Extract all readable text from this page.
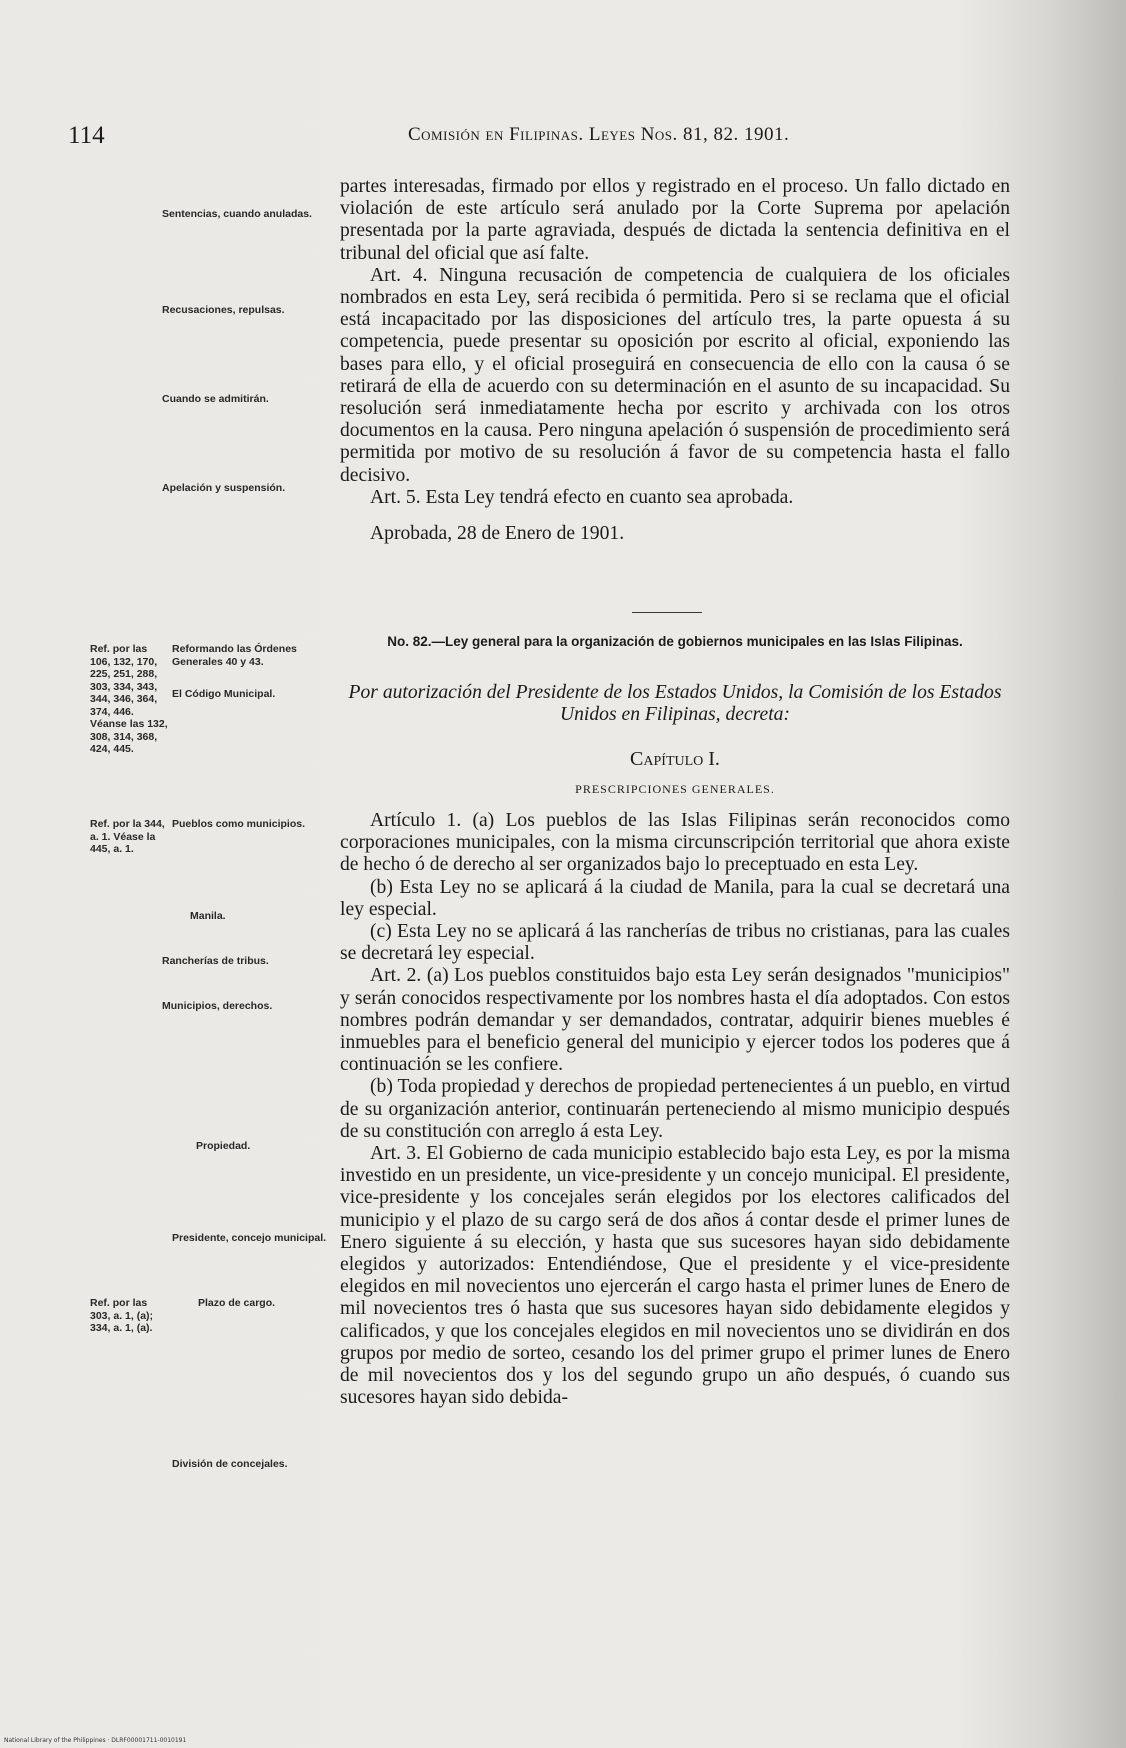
114	Comisión en Filipinas. Leyes Nos. 81, 82. 1901.

partes interesadas, firmado por ellos y registrado en el proceso. Un fallo dictado en violación de este artículo será anulado por la Corte Suprema por apelación presentada por la parte agraviada, después de dictada la sentencia definitiva en el tribunal del oficial que así falte.

Art. 4. Ninguna recusación de competencia de cualquiera de los oficiales nombrados en esta Ley, será recibida ó permitida. Pero si se reclama que el oficial está incapacitado por las disposiciones del artículo tres, la parte opuesta á su competencia, puede presentar su oposición por escrito al oficial, exponiendo las bases para ello, y el oficial proseguirá en consecuencia de ello con la causa ó se retirará de ella de acuerdo con su determinación en el asunto de su incapacidad. Su resolución será inmediatamente hecha por escrito y archivada con los otros documentos en la causa. Pero ninguna apelación ó suspensión de procedimiento será permitida por motivo de su resolución á favor de su competencia hasta el fallo decisivo.

Art. 5. Esta Ley tendrá efecto en cuanto sea aprobada.

Aprobada, 28 de Enero de 1901.

No. 82.—Ley general para la organización de gobiernos municipales en las Islas Filipinas.
Por autorización del Presidente de los Estados Unidos, la Comisión de los Estados Unidos en Filipinas, decreta:
Capítulo I.
PRESCRIPCIONES GENERALES.

Artículo 1. (a) Los pueblos de las Islas Filipinas serán reconocidos como corporaciones municipales, con la misma circunscripción territorial que ahora existe de hecho ó de derecho al ser organizados bajo lo preceptuado en esta Ley.

(b) Esta Ley no se aplicará á la ciudad de Manila, para la cual se decretará una ley especial.

(c) Esta Ley no se aplicará á las rancherías de tribus no cristianas, para las cuales se decretará ley especial.

Art. 2. (a) Los pueblos constituidos bajo esta Ley serán designados "municipios" y serán conocidos respectivamente por los nombres hasta el día adoptados. Con estos nombres podrán demandar y ser demandados, contratar, adquirir bienes muebles é inmuebles para el beneficio general del municipio y ejercer todos los poderes que á continuación se les confiere.

(b) Toda propiedad y derechos de propiedad pertenecientes á un pueblo, en virtud de su organización anterior, continuarán perteneciendo al mismo municipio después de su constitución con arreglo á esta Ley.

Art. 3. El Gobierno de cada municipio establecido bajo esta Ley, es por la misma investido en un presidente, un vice-presidente y un concejo municipal. El presidente, vice-presidente y los concejales serán elegidos por los electores calificados del municipio y el plazo de su cargo será de dos años á contar desde el primer lunes de Enero siguiente á su elección, y hasta que sus sucesores hayan sido debidamente elegidos y autorizados: Entendiéndose, Que el presidente y el vice-presidente elegidos en mil novecientos uno ejercerán el cargo hasta el primer lunes de Enero de mil novecientos tres ó hasta que sus sucesores hayan sido debidamente elegidos y calificados, y que los concejales elegidos en mil novecientos uno se dividirán en dos grupos por medio de sorteo, cesando los del primer grupo el primer lunes de Enero de mil novecientos dos y los del segundo grupo un año después, ó cuando sus sucesores hayan sido debida-

Sentencias, cuando anuladas.
Recusaciones, repulsas.
Cuando se admitirán.
Apelación y suspensión.
Ref. por las 106, 132, 170, 225, 251, 288, 303, 334, 343, 344, 346, 364, 374, 446. Véanse las 132, 308, 314, 368, 424, 445.
Reformando las Órdenes Generales 40 y 43.
El Código Municipal.
Ref. por la 344, a. 1. Véase la 445, a. 1.
Pueblos como municipios.
Manila.
Rancherías de tribus.
Municipios, derechos.
Propiedad.
Presidente, concejo municipal.
Ref. por las 303, a. 1, (a); 334, a. 1, (a).
Plazo de cargo.
División de concejales.
National Library of the Philippines · DLRF00001711-0010191
